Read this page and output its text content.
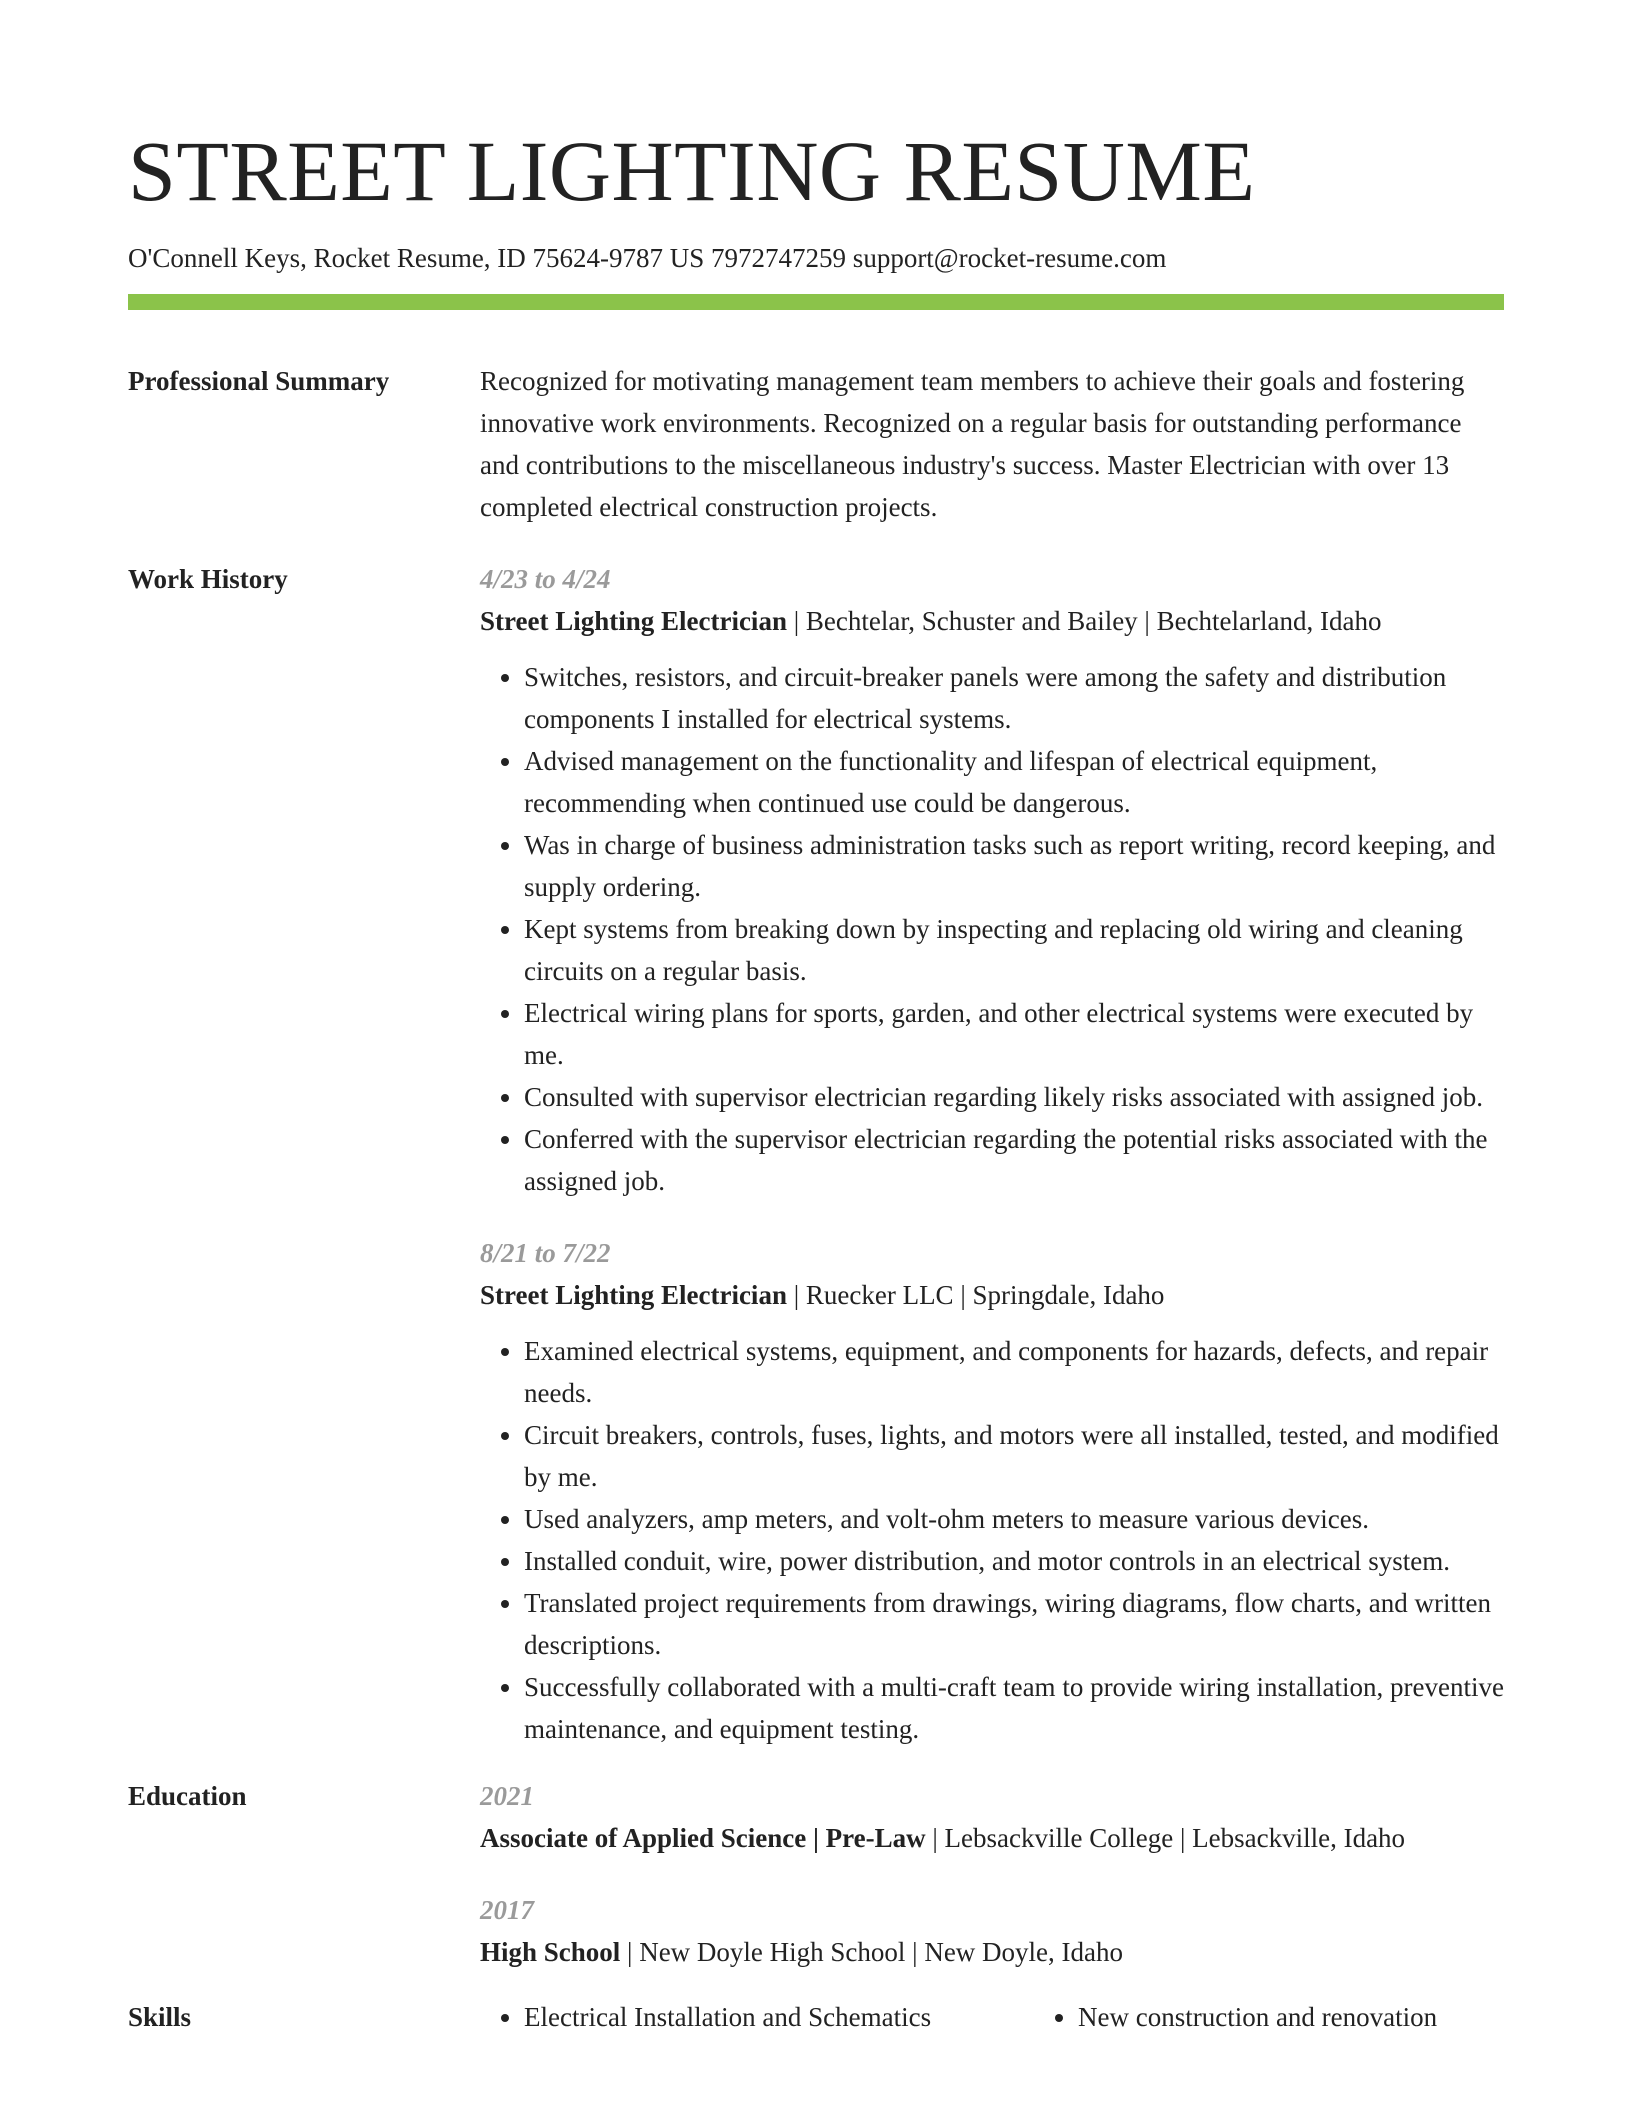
STREET LIGHTING RESUME
O'Connell Keys, Rocket Resume, ID 75624-9787 US 7972747259 support@rocket-resume.com
Professional Summary	Recognized for motivating management team members to achieve their goals and fostering innovative work environments. Recognized on a regular basis for outstanding performance and contributions to the miscellaneous industry's success. Master Electrician with over 13 completed electrical construction projects.

Work History	4/23 to 4/24

Street Lighting Electrician | Bechtelar, Schuster and Bailey | Bechtelarland, Idaho

• Switches, resistors, and circuit-breaker panels were among the safety and distribution components I installed for electrical systems.
• Advised management on the functionality and lifespan of electrical equipment, recommending when continued use could be dangerous.
• Was in charge of business administration tasks such as report writing, record keeping, and supply ordering.
• Kept systems from breaking down by inspecting and replacing old wiring and cleaning circuits on a regular basis.
• Electrical wiring plans for sports, garden, and other electrical systems were executed by me.
• Consulted with supervisor electrician regarding likely risks associated with assigned job.
• Conferred with the supervisor electrician regarding the potential risks associated with the assigned job.

8/21 to 7/22

Street Lighting Electrician | Ruecker LLC | Springdale, Idaho

• Examined electrical systems, equipment, and components for hazards, defects, and repair needs.
• Circuit breakers, controls, fuses, lights, and motors were all installed, tested, and modified by me.
• Used analyzers, amp meters, and volt-ohm meters to measure various devices.
• Installed conduit, wire, power distribution, and motor controls in an electrical system.
• Translated project requirements from drawings, wiring diagrams, flow charts, and written descriptions.
• Successfully collaborated with a multi-craft team to provide wiring installation, preventive maintenance, and equipment testing.
Education	2021

Associate of Applied Science | Pre-Law | Lebsackville College | Lebsackville, Idaho

2017

High School | New Doyle High School | New Doyle, Idaho

Skills	• Electrical Installation and Schematics	• New construction and renovation
